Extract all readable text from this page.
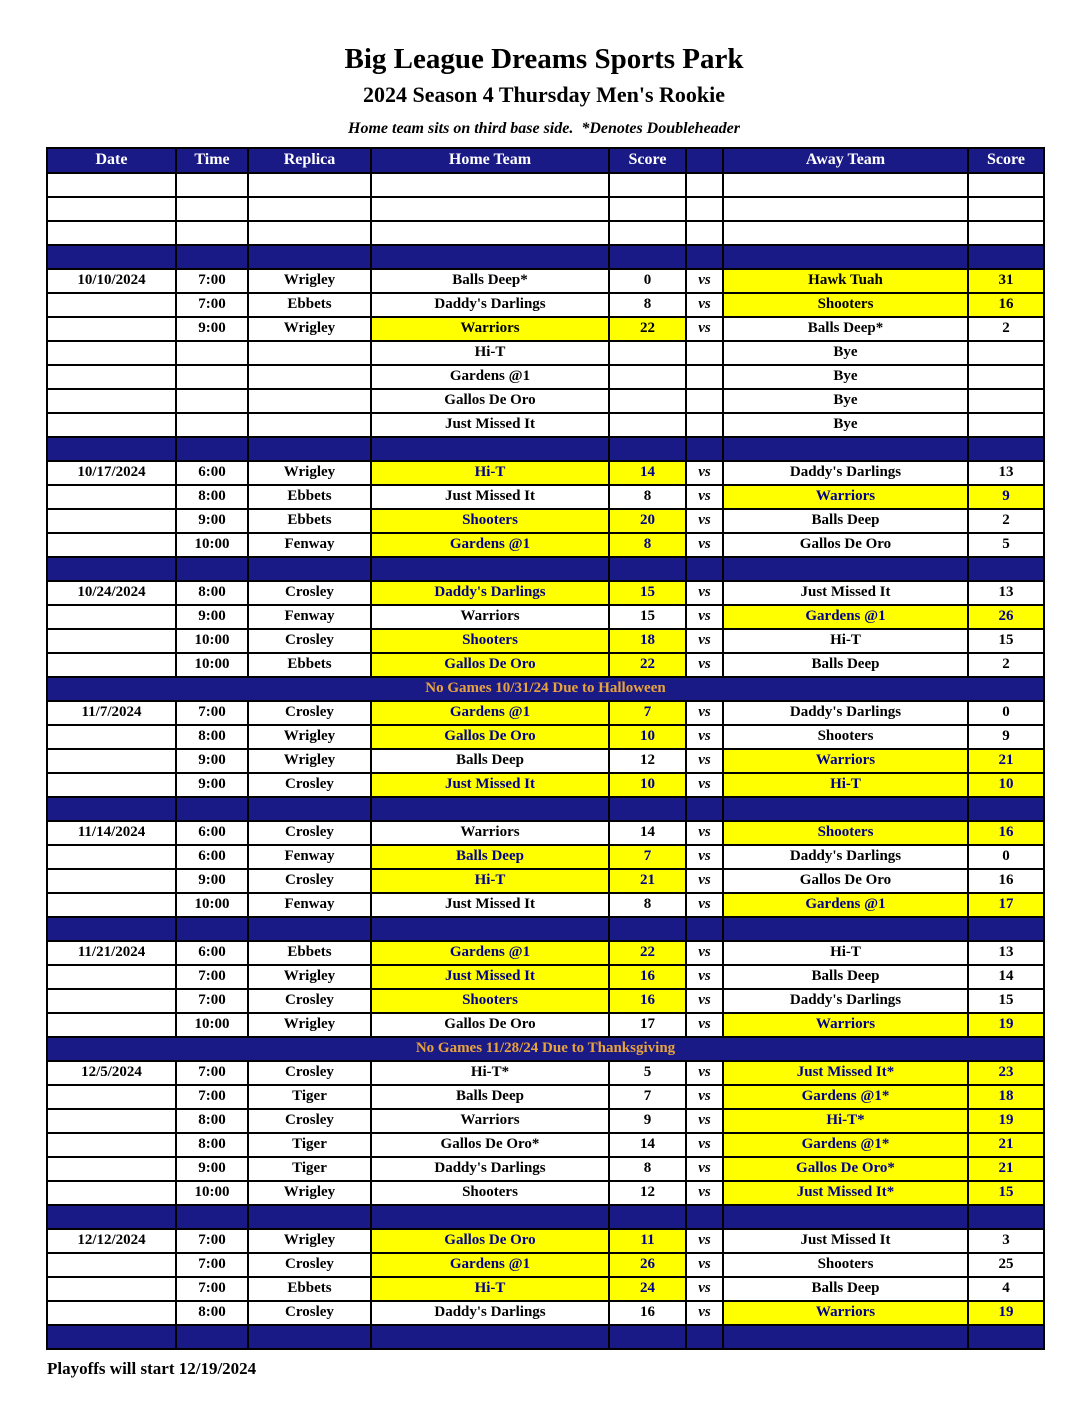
Big League Dreams Sports Park
2024 Season 4 Thursday Men's Rookie
Home team sits on third base side.  *Denotes Doubleheader
Date	Time	Replica	Home Team	Score		Away Team	Score

10/10/2024	7:00	Wrigley	Balls Deep*	0	vs	Hawk Tuah	31
	7:00	Ebbets	Daddy's Darlings	8	vs	Shooters	16
	9:00	Wrigley	Warriors	22	vs	Balls Deep*	2
			Hi-T			Bye	
			Gardens @1			Bye	
			Gallos De Oro			Bye	
			Just Missed It			Bye	

10/17/2024	6:00	Wrigley	Hi-T	14	vs	Daddy's Darlings	13
	8:00	Ebbets	Just Missed It	8	vs	Warriors	9
	9:00	Ebbets	Shooters	20	vs	Balls Deep	2
	10:00	Fenway	Gardens @1	8	vs	Gallos De Oro	5

10/24/2024	8:00	Crosley	Daddy's Darlings	15	vs	Just Missed It	13
	9:00	Fenway	Warriors	15	vs	Gardens @1	26
	10:00	Crosley	Shooters	18	vs	Hi-T	15
	10:00	Ebbets	Gallos De Oro	22	vs	Balls Deep	2
No Games 10/31/24 Due to Halloween							
11/7/2024	7:00	Crosley	Gardens @1	7	vs	Daddy's Darlings	0
	8:00	Wrigley	Gallos De Oro	10	vs	Shooters	9
	9:00	Wrigley	Balls Deep	12	vs	Warriors	21
	9:00	Crosley	Just Missed It	10	vs	Hi-T	10

11/14/2024	6:00	Crosley	Warriors	14	vs	Shooters	16
	6:00	Fenway	Balls Deep	7	vs	Daddy's Darlings	0
	9:00	Crosley	Hi-T	21	vs	Gallos De Oro	16
	10:00	Fenway	Just Missed It	8	vs	Gardens @1	17

11/21/2024	6:00	Ebbets	Gardens @1	22	vs	Hi-T	13
	7:00	Wrigley	Just Missed It	16	vs	Balls Deep	14
	7:00	Crosley	Shooters	16	vs	Daddy's Darlings	15
	10:00	Wrigley	Gallos De Oro	17	vs	Warriors	19
No Games 11/28/24 Due to Thanksgiving							
12/5/2024	7:00	Crosley	Hi-T*	5	vs	Just Missed It*	23
	7:00	Tiger	Balls Deep	7	vs	Gardens @1*	18
	8:00	Crosley	Warriors	9	vs	Hi-T*	19
	8:00	Tiger	Gallos De Oro*	14	vs	Gardens @1*	21
	9:00	Tiger	Daddy's Darlings	8	vs	Gallos De Oro*	21
	10:00	Wrigley	Shooters	12	vs	Just Missed It*	15

12/12/2024	7:00	Wrigley	Gallos De Oro	11	vs	Just Missed It	3
	7:00	Crosley	Gardens @1	26	vs	Shooters	25
	7:00	Ebbets	Hi-T	24	vs	Balls Deep	4
	8:00	Crosley	Daddy's Darlings	16	vs	Warriors	19

Playoffs will start 12/19/2024
